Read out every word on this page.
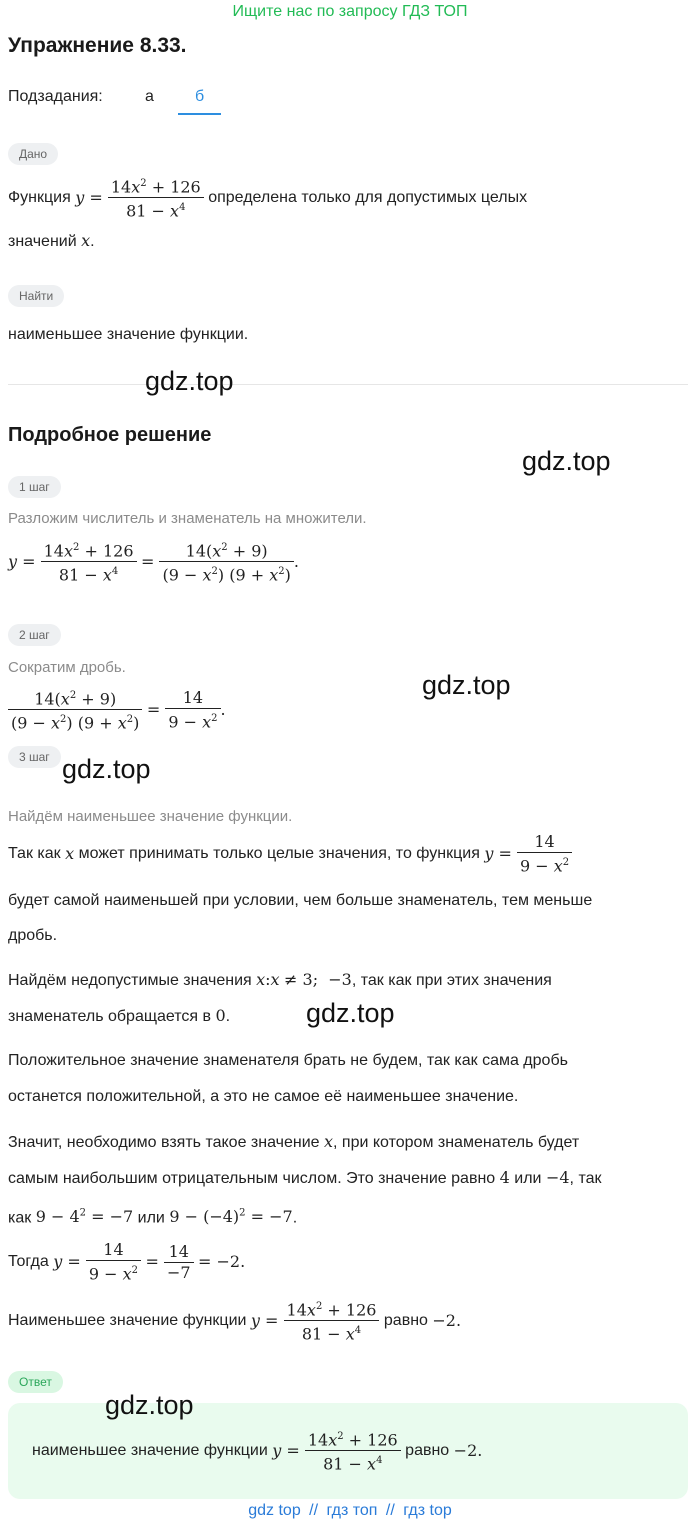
Ищите нас по запросу ГДЗ ТОП
Упражнение 8.33.
Подзадания:	а	б
Дано
Функция $y = \frac{14x^2 + 126}{81 - x^4}$ определена только для допустимых целых
значений x.
Найти
наименьшее значение функции.
gdz.top
Подробное решение
gdz.top
1 шаг
Разложим числитель и знаменатель на множители.
$y = \frac{14x^2 + 126}{81 - x^4} = \frac{14(x^2 + 9)}{(9 - x^2) (9 + x^2)}$ .
2 шаг
Сократим дробь.
$\frac{14(x^2 + 9)}{(9 - x^2) (9 + x^2)} = \frac{14}{9 - x^2}$ .
gdz.top
3 шаг gdz.top
Найдём наименьшее значение функции.
Так как x может принимать только целые значения, то функция $y = \frac{14}{9 - x^2}$
будет самой наименьшей при условии, чем больше знаменатель, тем меньше
дробь.
Найдём недопустимые значения x:x ≠ 3;  −3, так как при этих значения
знаменатель обращается в 0.	gdz.top
Положительное значение знаменателя брать не будем, так как сама дробь
останется положительной, а это не самое её наименьшее значение.
Значит, необходимо взять такое значение x, при котором знаменатель будет
самым наибольшим отрицательным числом. Это значение равно 4 или −4, так
как $9 - 4^2 = -7$ или $9 - (-4)^2 = -7$.
Тогда $y = \frac{14}{9 - x^2} = \frac{14}{-7} = -2$.
Наименьшее значение функции $y = \frac{14x^2 + 126}{81 - x^4}$ равно −2.
Ответ
gdz.top
наименьшее значение функции $y = \frac{14x^2 + 126}{81 - x^4}$ равно −2.
gdz top // гдз топ // гдз top
